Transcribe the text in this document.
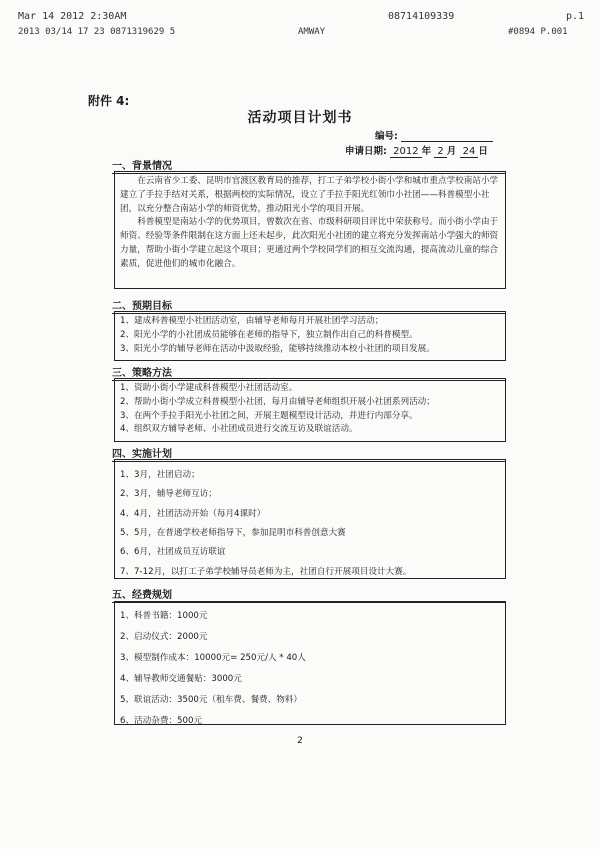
Mar 14 2012 2:30AM	08714109339	p.1
2013 03/14 17 23 0871319629 5	AMWAY	#0894 P.001
附件 4:
活动项目计划书
编号:
申请日期: 2012 年 2 月 24 日
一、背景情况

在云南省少工委、昆明市官渡区教育局的推荐，打工子弟学校小街小学和城市重点学校南站小学建立了手拉手结对关系，根据两校的实际情况，设立了手拉手阳光红领巾小社团——科普模型小社团，以充分整合南站小学的师资优势，推动阳光小学的项目开展。

科普模型是南站小学的优势项目，曾数次在省、市级科研项目评比中荣获称号。而小街小学由于师资、经验等条件限制在这方面上还未起步，此次阳光小社团的建立将充分发挥南站小学强大的师资力量，帮助小街小学建立起这个项目；更通过两个学校同学们的相互交流沟通，提高流动儿童的综合素质，促进他们的城市化融合。

二、预期目标

1、建成科普模型小社团活动室，由辅导老师每月开展社团学习活动；

2、阳光小学的小社团成员能够在老师的指导下，独立制作出自己的科普模型。

3、阳光小学的辅导老师在活动中汲取经验，能够持续推动本校小社团的项目发展。

三、策略方法

1、资助小街小学建成科普模型小社团活动室。

2、帮助小街小学成立科普模型小社团，每月由辅导老师组织开展小社团系列活动；

3、在两个手拉手阳光小社团之间，开展主题模型设计活动，并进行内部分享。

4、组织双方辅导老师、小社团成员进行交流互访及联谊活动。

四、实施计划

1、3月，社团启动；

2、3月，辅导老师互访；

4、4月，社团活动开始（每月4课时）

5、5月，在普通学校老师指导下，参加昆明市科普创意大赛

6、6月，社团成员互访联谊

7、7-12月，以打工子弟学校辅导员老师为主，社团自行开展项目设计大赛。

五、经费规划

1、科普书籍：1000元

2、启动仪式：2000元

3、模型制作成本：10000元= 250元/人 * 40人

4、辅导教师交通餐贴：3000元

5、联谊活动：3500元（租车费、餐费、物料）

6、活动杂费：500元

2
